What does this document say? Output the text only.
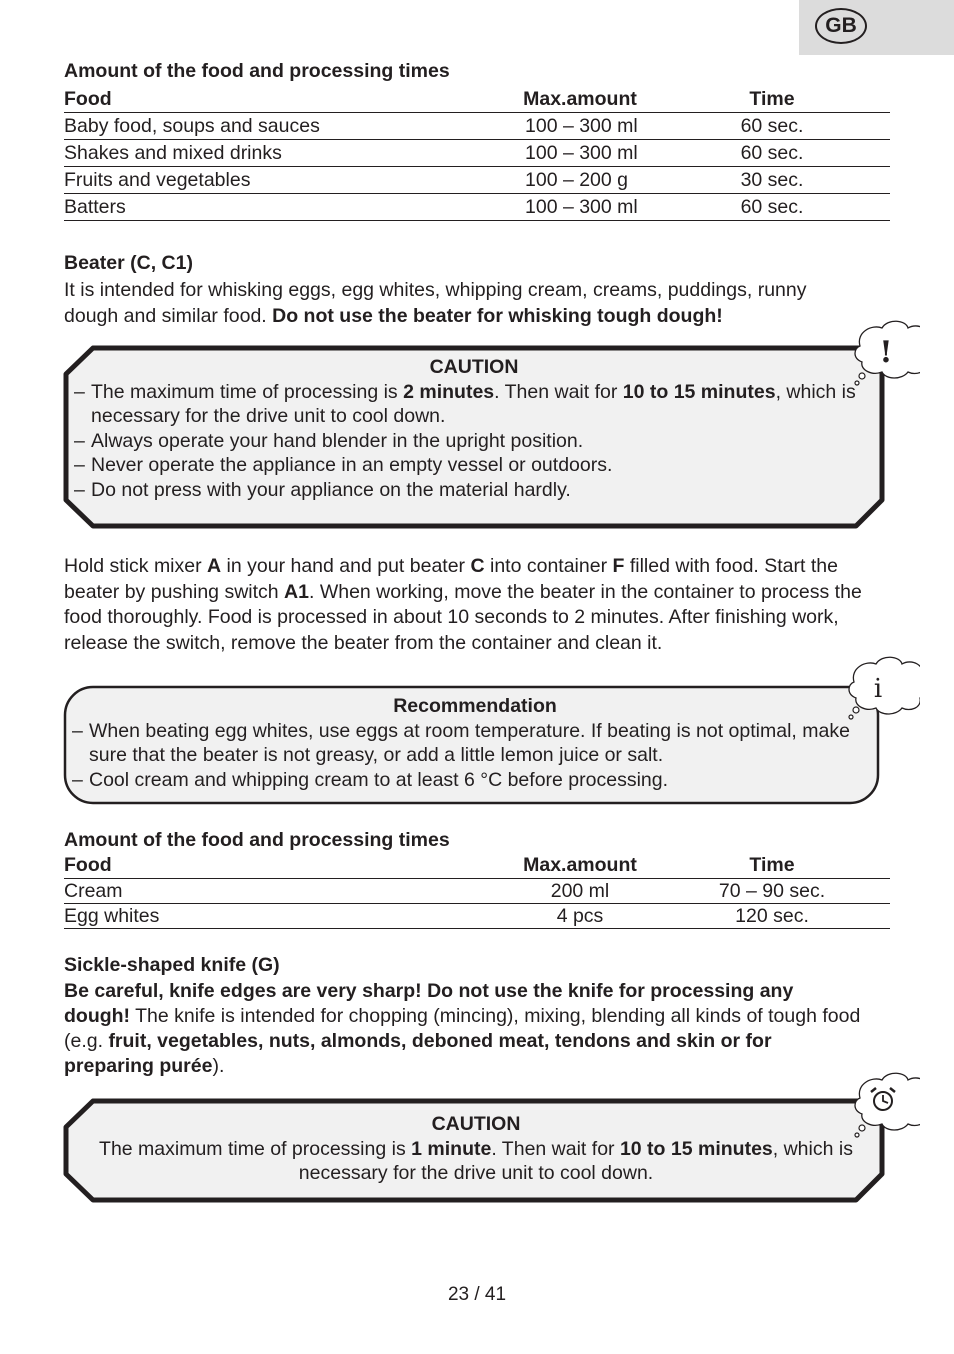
GB
Amount of the food and processing times
Food	Max.amount	Time
Baby food, soups and sauces	100 – 300 ml	60 sec.
Shakes and mixed drinks	100 – 300 ml	60 sec.
Fruits and vegetables	100 – 200 g	30 sec.
Batters	100 – 300 ml	60 sec.
Beater (C, C1)
It is intended for whisking eggs, egg whites, whipping cream, creams, puddings, runny dough and similar food. Do not use the beater for whisking tough dough!
!
CAUTION
– The maximum time of processing is 2 minutes. Then wait for 10 to 15 minutes, which is necessary for the drive unit to cool down.
– Always operate your hand blender in the upright position.
– Never operate the appliance in an empty vessel or outdoors.
– Do not press with your appliance on the material hardly.
Hold stick mixer A in your hand and put beater C into container F filled with food. Start the beater by pushing switch A1. When working, move the beater in the container to process the food thoroughly. Food is processed in about 10 seconds to 2 minutes. After finishing work, release the switch, remove the beater from the container and clean it.
i
Recommendation
– When beating egg whites, use eggs at room temperature. If beating is not optimal, make sure that the beater is not greasy, or add a little lemon juice or salt.
– Cool cream and whipping cream to at least 6 °C before processing.
Amount of the food and processing times
Food	Max.amount	Time
Cream	200 ml	70 – 90 sec.
Egg whites	4 pcs	120 sec.
Sickle-shaped knife (G)
Be careful, knife edges are very sharp! Do not use the knife for processing any dough! The knife is intended for chopping (mincing), mixing, blending all kinds of tough food (e.g. fruit, vegetables, nuts, almonds, deboned meat, tendons and skin or for preparing purée).
CAUTION
The maximum time of processing is 1 minute. Then wait for 10 to 15 minutes, which is necessary for the drive unit to cool down.
23 / 41
